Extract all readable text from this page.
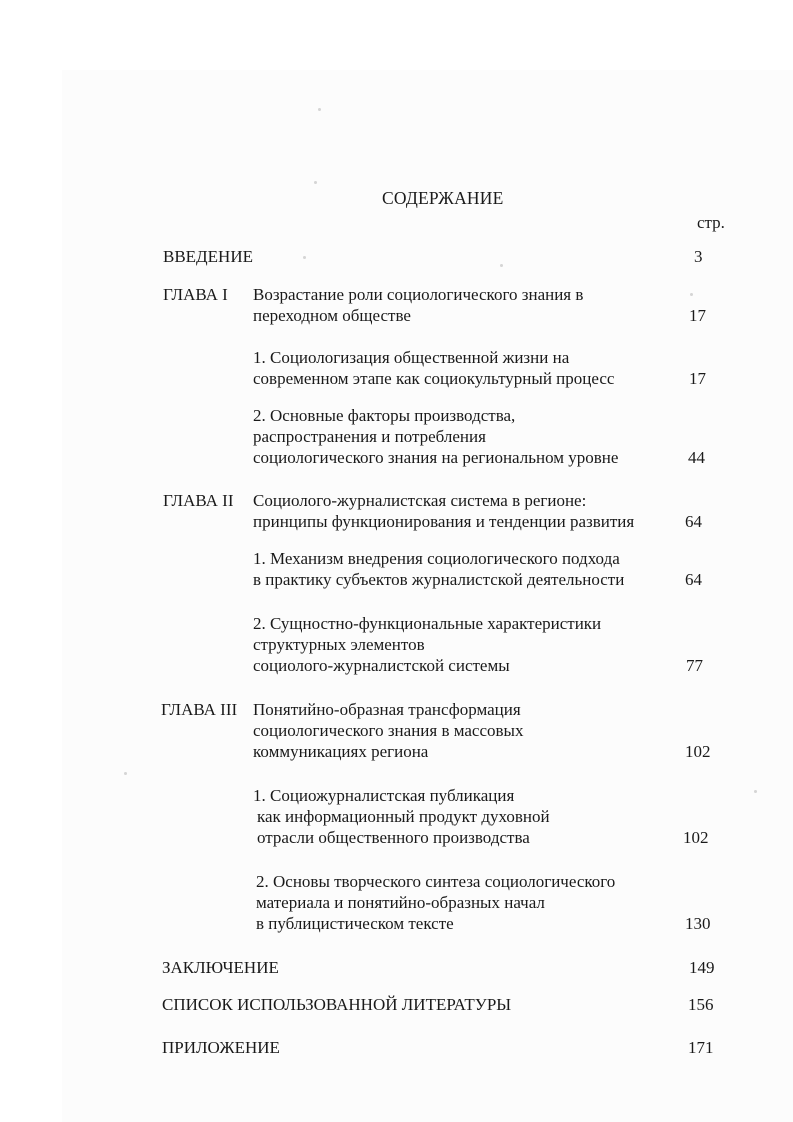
СОДЕРЖАНИЕ
стр.
ВВЕДЕНИЕ	3
ГЛАВА I Возрастание роли социологического знания в
переходном обществе	17
1. Социологизация общественной жизни на
современном этапе как социокультурный процесс	17
2. Основные факторы производства,
распространения и потребления
социологического знания на региональном уровне	44
ГЛАВА II Социолого-журналистская система в регионе:
принципы функционирования и тенденции развития	64
1. Механизм внедрения социологического подхода
в практику субъектов журналистской деятельности	64
2. Сущностно-функциональные характеристики
структурных элементов
социолого-журналистской системы	77
ГЛАВА III Понятийно-образная трансформация
социологического знания в массовых
коммуникациях региона	102
1. Социожурналистская публикация
как информационный продукт духовной
отрасли общественного производства	102
2. Основы творческого синтеза социологического
материала и понятийно-образных начал
в публицистическом тексте	130
ЗАКЛЮЧЕНИЕ	149
СПИСОК ИСПОЛЬЗОВАННОЙ ЛИТЕРАТУРЫ	156
ПРИЛОЖЕНИЕ	171
